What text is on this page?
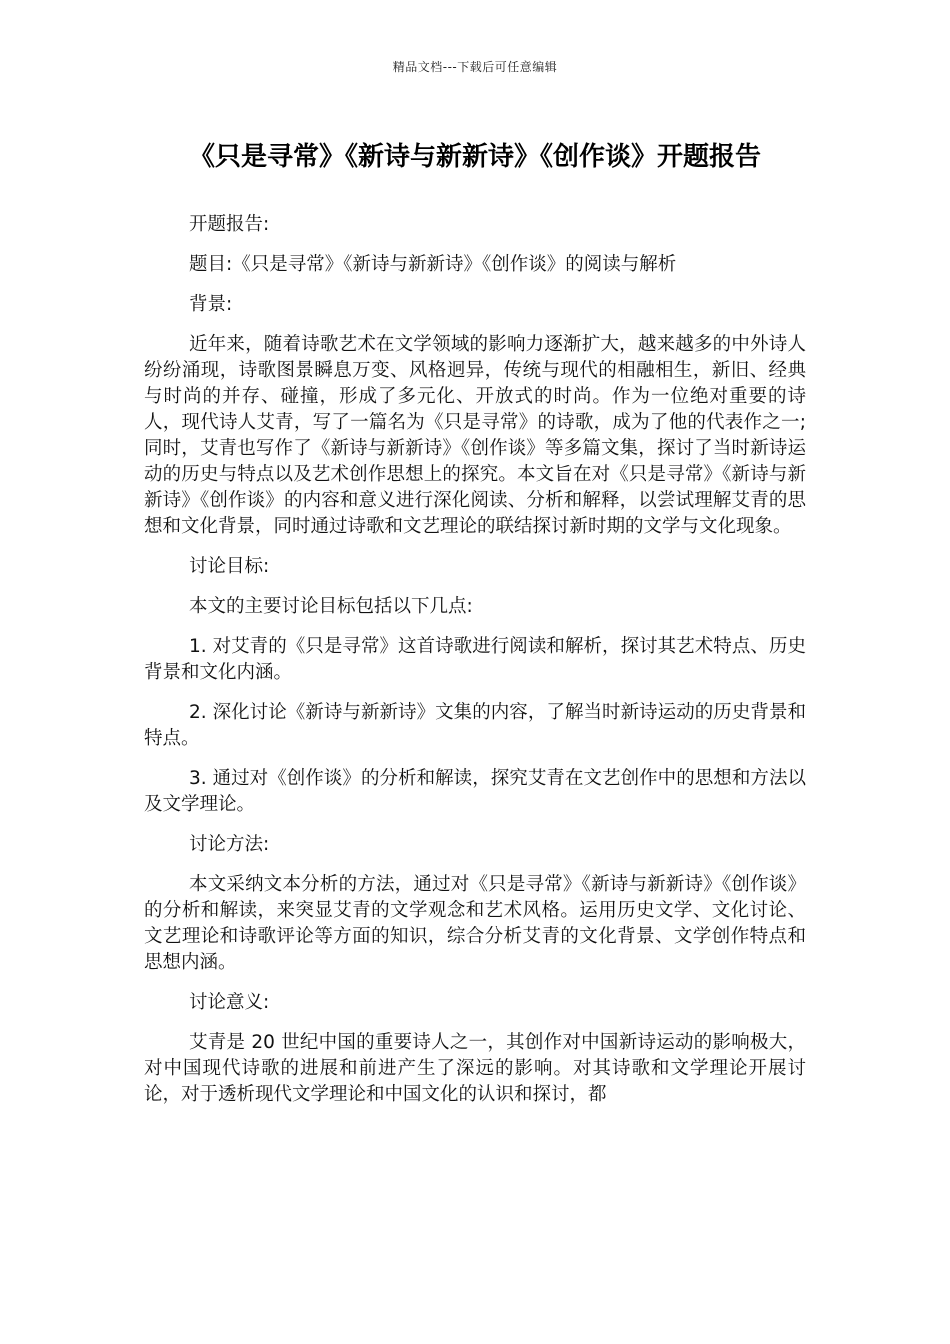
精品文档---下载后可任意编辑
《只是寻常》《新诗与新新诗》《创作谈》开题报告

开题报告:

题目:《只是寻常》《新诗与新新诗》《创作谈》的阅读与解析

背景:

近年来，随着诗歌艺术在文学领域的影响力逐渐扩大，越来越多的中外诗人纷纷涌现，诗歌图景瞬息万变、风格迥异，传统与现代的相融相生，新旧、经典与时尚的并存、碰撞，形成了多元化、开放式的时尚。作为一位绝对重要的诗人，现代诗人艾青，写了一篇名为《只是寻常》的诗歌，成为了他的代表作之一;同时，艾青也写作了《新诗与新新诗》《创作谈》等多篇文集，探讨了当时新诗运动的历史与特点以及艺术创作思想上的探究。本文旨在对《只是寻常》《新诗与新新诗》《创作谈》的内容和意义进行深化阅读、分析和解释，以尝试理解艾青的思想和文化背景，同时通过诗歌和文艺理论的联结探讨新时期的文学与文化现象。

讨论目标:

本文的主要讨论目标包括以下几点:

1. 对艾青的《只是寻常》这首诗歌进行阅读和解析，探讨其艺术特点、历史背景和文化内涵。

2. 深化讨论《新诗与新新诗》文集的内容，了解当时新诗运动的历史背景和特点。

3. 通过对《创作谈》的分析和解读，探究艾青在文艺创作中的思想和方法以及文学理论。

讨论方法:

本文采纳文本分析的方法，通过对《只是寻常》《新诗与新新诗》《创作谈》的分析和解读，来突显艾青的文学观念和艺术风格。运用历史文学、文化讨论、文艺理论和诗歌评论等方面的知识，综合分析艾青的文化背景、文学创作特点和思想内涵。

讨论意义:

艾青是 20 世纪中国的重要诗人之一，其创作对中国新诗运动的影响极大，对中国现代诗歌的进展和前进产生了深远的影响。对其诗歌和文学理论开展讨论，对于透析现代文学理论和中国文化的认识和探讨，都
